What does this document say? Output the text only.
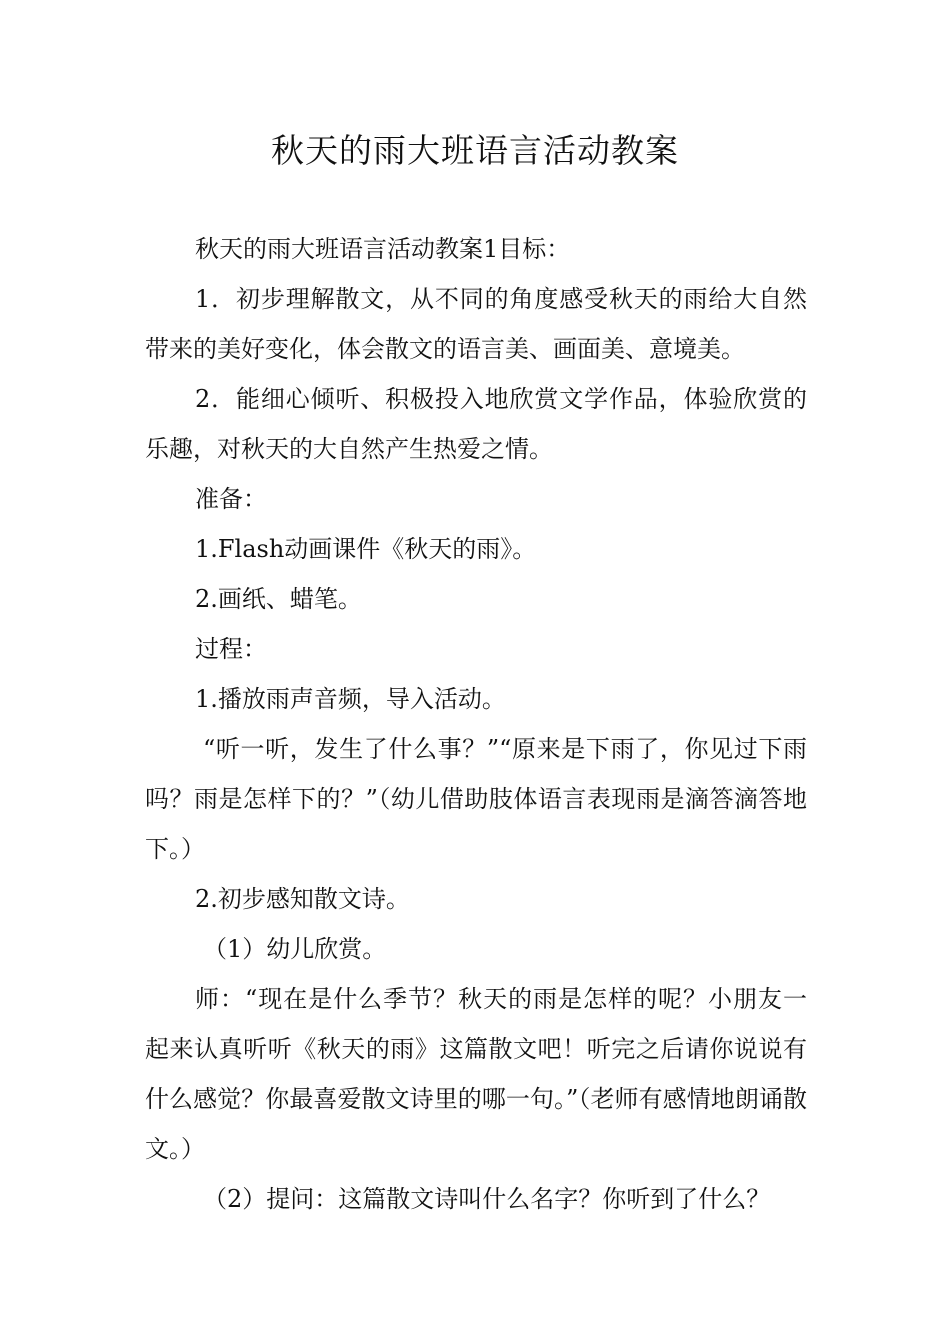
秋天的雨大班语言活动教案

秋天的雨大班语言活动教案1目标：

1．初步理解散文，从不同的角度感受秋天的雨给大自然带来的美好变化，体会散文的语言美、画面美、意境美。

2．能细心倾听、积极投入地欣赏文学作品，体验欣赏的乐趣，对秋天的大自然产生热爱之情。

准备：

1.Flash动画课件《秋天的雨》。

2.画纸、蜡笔。

过程：

1.播放雨声音频，导入活动。

“听一听，发生了什么事？”“原来是下雨了，你见过下雨吗？雨是怎样下的？”（幼儿借助肢体语言表现雨是滴答滴答地下。）

2.初步感知散文诗。

（1）幼儿欣赏。

师：“现在是什么季节？秋天的雨是怎样的呢？小朋友一起来认真听听《秋天的雨》这篇散文吧！听完之后请你说说有什么感觉？你最喜爱散文诗里的哪一句。”（老师有感情地朗诵散文。）

（2）提问：这篇散文诗叫什么名字？你听到了什么？
